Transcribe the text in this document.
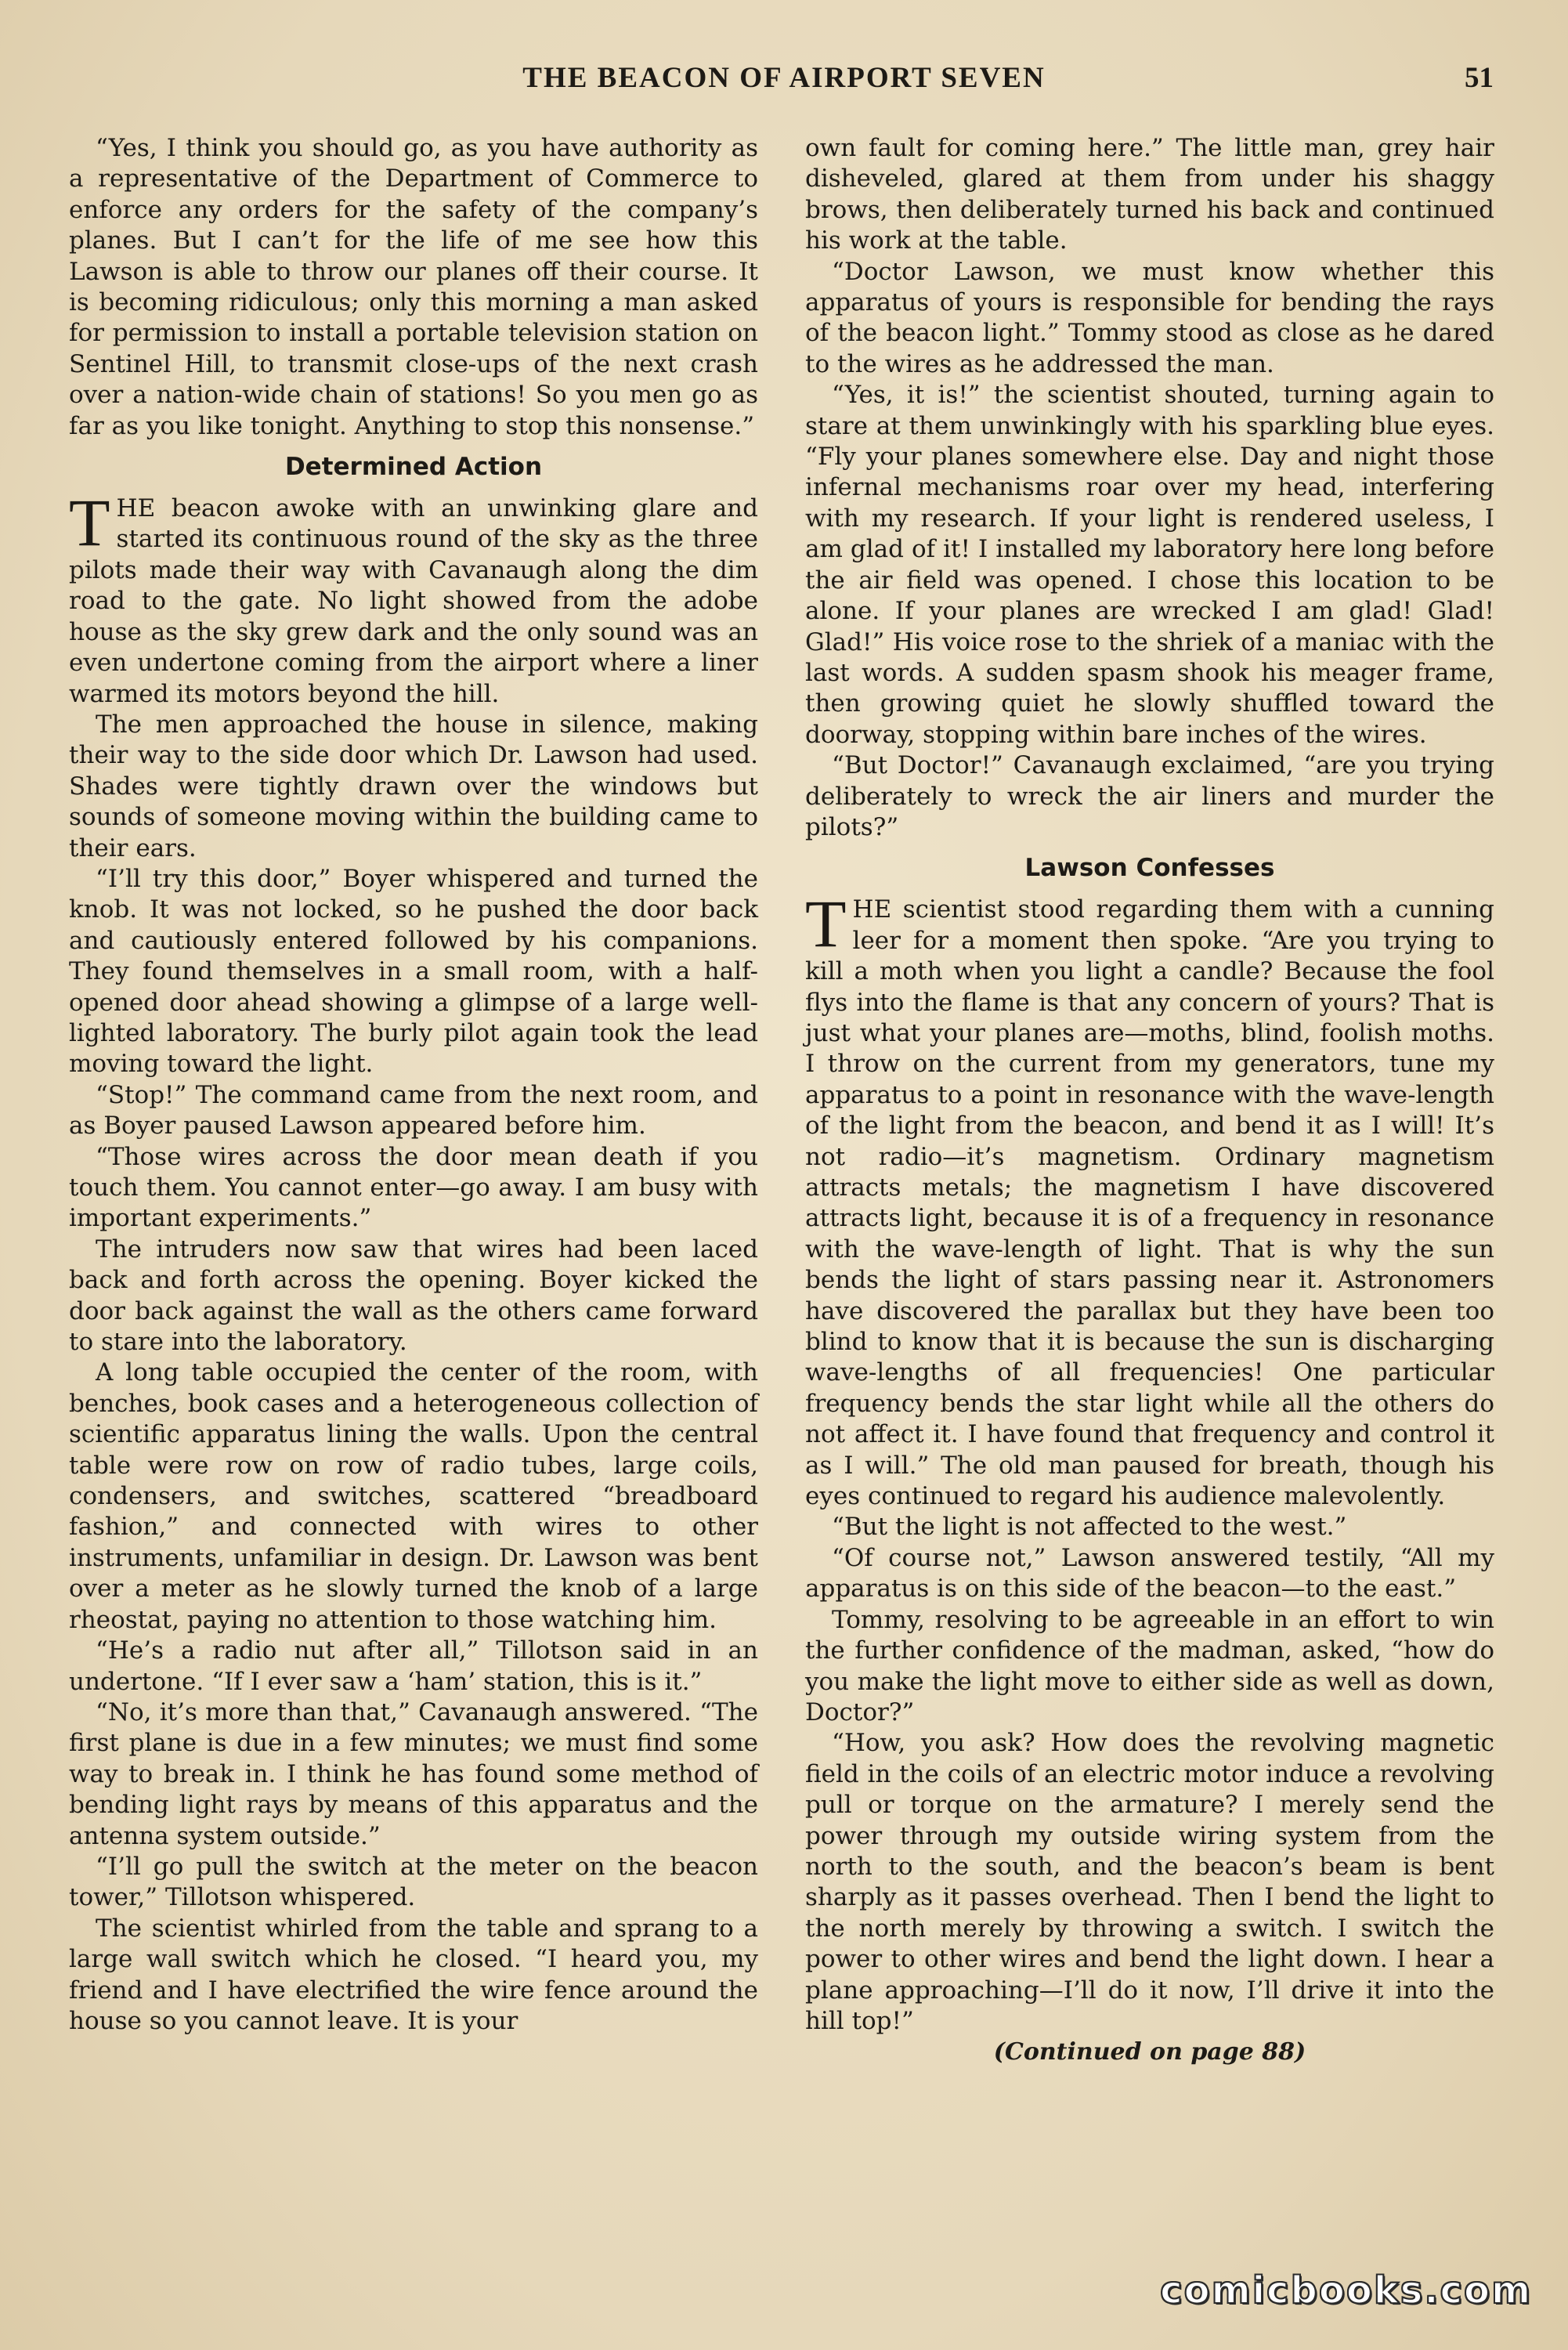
THE BEACON OF AIRPORT SEVEN	51

“Yes, I think you should go, as you have authority as a representative of the Department of Commerce to enforce any orders for the safety of the company’s planes. But I can’t for the life of me see how this Lawson is able to throw our planes off their course. It is becoming ridiculous; only this morning a man asked for permission to install a portable television station on Sentinel Hill, to transmit close-ups of the next crash over a nation-wide chain of stations! So you men go as far as you like tonight. Anything to stop this nonsense.”

Determined Action

THE beacon awoke with an unwinking glare and started its continuous round of the sky as the three pilots made their way with Cavanaugh along the dim road to the gate. No light showed from the adobe house as the sky grew dark and the only sound was an even undertone coming from the airport where a liner warmed its motors beyond the hill.

The men approached the house in silence, making their way to the side door which Dr. Lawson had used. Shades were tightly drawn over the windows but sounds of someone moving within the building came to their ears.

“I’ll try this door,” Boyer whispered and turned the knob. It was not locked, so he pushed the door back and cautiously entered followed by his companions. They found themselves in a small room, with a half-opened door ahead showing a glimpse of a large well-lighted laboratory. The burly pilot again took the lead moving toward the light.

“Stop!” The command came from the next room, and as Boyer paused Lawson appeared before him.

“Those wires across the door mean death if you touch them. You cannot enter—go away. I am busy with important experiments.”

The intruders now saw that wires had been laced back and forth across the opening. Boyer kicked the door back against the wall as the others came forward to stare into the laboratory.

A long table occupied the center of the room, with benches, book cases and a heterogeneous collection of scientific apparatus lining the walls. Upon the central table were row on row of radio tubes, large coils, condensers, and switches, scattered “breadboard fashion,” and connected with wires to other instruments, unfamiliar in design. Dr. Lawson was bent over a meter as he slowly turned the knob of a large rheostat, paying no attention to those watching him.

“He’s a radio nut after all,” Tillotson said in an undertone. “If I ever saw a ‘ham’ station, this is it.”

“No, it’s more than that,” Cavanaugh answered. “The first plane is due in a few minutes; we must find some way to break in. I think he has found some method of bending light rays by means of this apparatus and the antenna system outside.”

“I’ll go pull the switch at the meter on the beacon tower,” Tillotson whispered.

The scientist whirled from the table and sprang to a large wall switch which he closed. “I heard you, my friend and I have electrified the wire fence around the house so you cannot leave. It is your

own fault for coming here.” The little man, grey hair disheveled, glared at them from under his shaggy brows, then deliberately turned his back and continued his work at the table.

“Doctor Lawson, we must know whether this apparatus of yours is responsible for bending the rays of the beacon light.” Tommy stood as close as he dared to the wires as he addressed the man.

“Yes, it is!” the scientist shouted, turning again to stare at them unwinkingly with his sparkling blue eyes. “Fly your planes somewhere else. Day and night those infernal mechanisms roar over my head, interfering with my research. If your light is rendered useless, I am glad of it! I installed my laboratory here long before the air field was opened. I chose this location to be alone. If your planes are wrecked I am glad! Glad! Glad!” His voice rose to the shriek of a maniac with the last words. A sudden spasm shook his meager frame, then growing quiet he slowly shuffled toward the doorway, stopping within bare inches of the wires.

“But Doctor!” Cavanaugh exclaimed, “are you trying deliberately to wreck the air liners and murder the pilots?”

Lawson Confesses

THE scientist stood regarding them with a cunning leer for a moment then spoke. “Are you trying to kill a moth when you light a candle? Because the fool flys into the flame is that any concern of yours? That is just what your planes are—moths, blind, foolish moths. I throw on the current from my generators, tune my apparatus to a point in resonance with the wave-length of the light from the beacon, and bend it as I will! It’s not radio—it’s magnetism. Ordinary magnetism attracts metals; the magnetism I have discovered attracts light, because it is of a frequency in resonance with the wave-length of light. That is why the sun bends the light of stars passing near it. Astronomers have discovered the parallax but they have been too blind to know that it is because the sun is discharging wave-lengths of all frequencies! One particular frequency bends the star light while all the others do not affect it. I have found that frequency and control it as I will.” The old man paused for breath, though his eyes continued to regard his audience malevolently.

“But the light is not affected to the west.”

“Of course not,” Lawson answered testily, “All my apparatus is on this side of the beacon—to the east.”

Tommy, resolving to be agreeable in an effort to win the further confidence of the madman, asked, “how do you make the light move to either side as well as down, Doctor?”

“How, you ask? How does the revolving magnetic field in the coils of an electric motor induce a revolving pull or torque on the armature? I merely send the power through my outside wiring system from the north to the south, and the beacon’s beam is bent sharply as it passes overhead. Then I bend the light to the north merely by throwing a switch. I switch the power to other wires and bend the light down. I hear a plane approaching—I’ll do it now, I’ll drive it into the hill top!”

(Continued on page 88)

comicbooks.com
